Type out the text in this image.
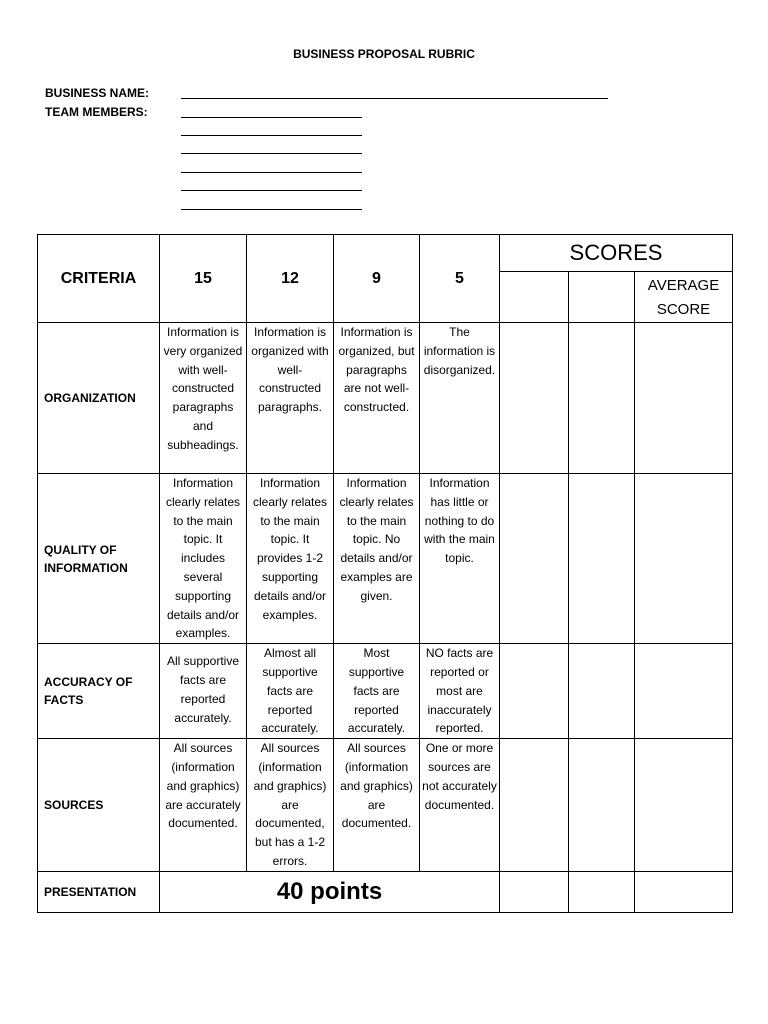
BUSINESS PROPOSAL RUBRIC
BUSINESS NAME:
TEAM MEMBERS:
CRITERIA	15	12	9	5	SCORES		
							AVERAGE SCORE
ORGANIZATION	Information is very organized with well-constructed paragraphs and subheadings.	Information is organized with well-constructed paragraphs.	Information is organized, but paragraphs are not well-constructed.	The information is disorganized.			
QUALITY OF INFORMATION	Information clearly relates to the main topic. It includes several supporting details and/or examples.	Information clearly relates to the main topic. It provides 1-2 supporting details and/or examples.	Information clearly relates to the main topic. No details and/or examples are given.	Information has little or nothing to do with the main topic.			
ACCURACY OF FACTS	All supportive facts are reported accurately.	Almost all supportive facts are reported accurately.	Most supportive facts are reported accurately.	NO facts are reported or most are inaccurately reported.			
SOURCES	All sources (information and graphics) are accurately documented.	All sources (information and graphics) are documented, but has a 1-2 errors.	All sources (information and graphics) are documented.	One or more sources are not accurately documented.			
PRESENTATION	40 points						
